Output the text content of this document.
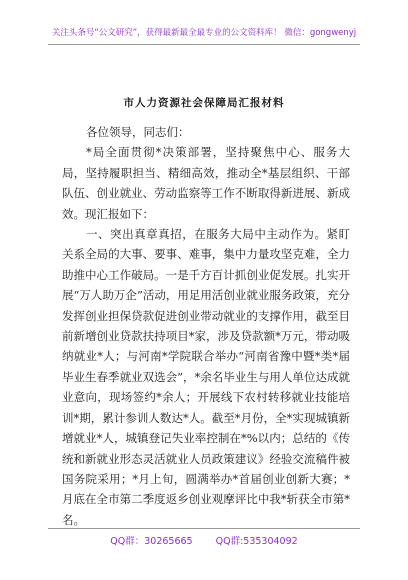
关注头条号“公文研究”，获得最新最全最专业的公文资料库！ 微信：gongwenyj
市人力资源社会保障局汇报材料

各位领导，同志们：

*局全面贯彻*决策部署，坚持聚焦中心、服务大局，坚持履职担当、精细高效，推动全*基层组织、干部队伍、创业就业、劳动监察等工作不断取得新进展、新成效。现汇报如下：

一、突出真章真招，在服务大局中主动作为。紧盯关系全局的大事、要事、难事，集中力量攻坚克难，全力助推中心工作破局。一是千方百计抓创业促发展。扎实开展“万人助万企”活动，用足用活创业就业服务政策，充分发挥创业担保贷款促进创业带动就业的支撑作用，截至目前新增创业贷款扶持项目*家，涉及贷款额*万元，带动吸纳就业*人；与河南*学院联合举办“河南省豫中暨*类*届毕业生春季就业双选会”，*余名毕业生与用人单位达成就业意向，现场签约*余人；开展线下农村转移就业技能培训*期，累计参训人数达*人。截至*月份，全*实现城镇新增就业*人，城镇登记失业率控制在*%以内；总结的《传统和新就业形态灵活就业人员政策建议》经验交流稿件被国务院采用；*月上旬，圆满举办*首届创业创新大赛；*月底在全市第二季度返乡创业观摩评比中我*斩获全市第*名。

QQ群：30265665 QQ群:535304092
